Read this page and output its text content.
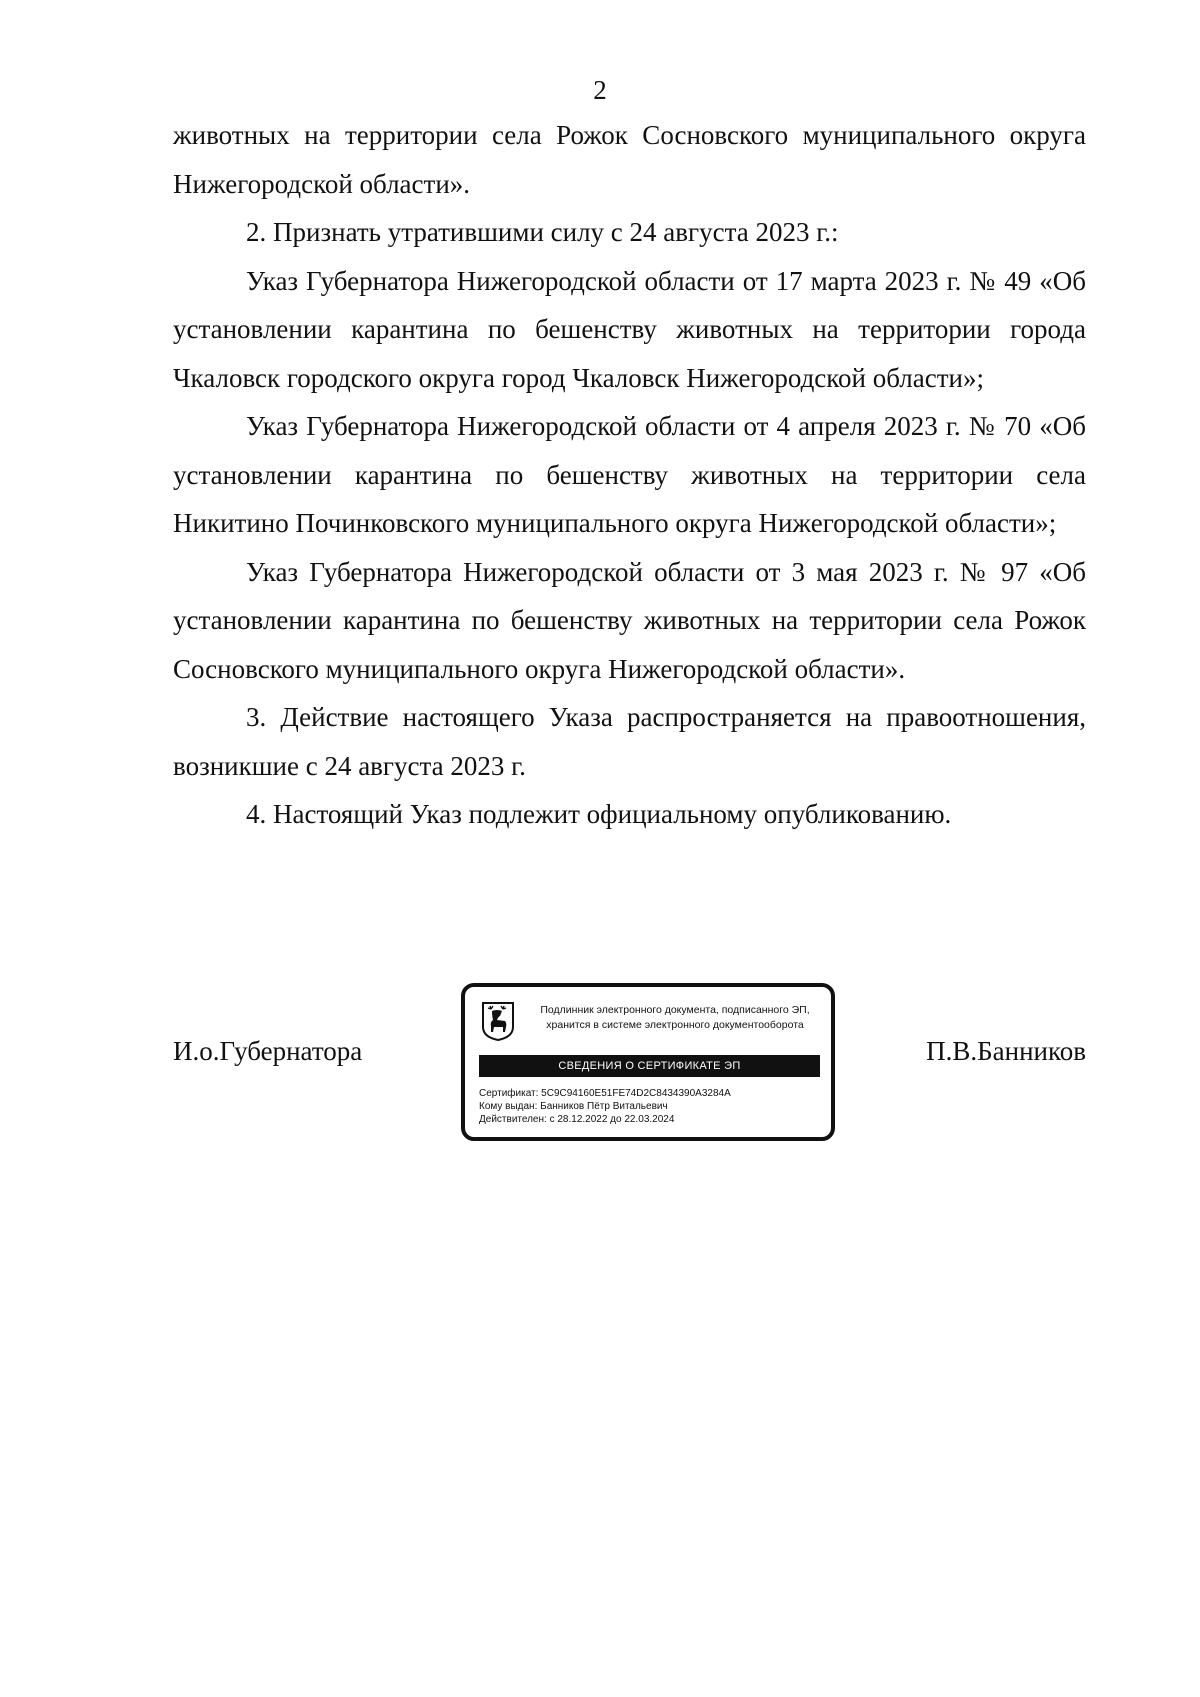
2

животных на территории села Рожок Сосновского муниципального округа Нижегородской области».

2. Признать утратившими силу с 24 августа 2023 г.:

Указ Губернатора Нижегородской области от 17 марта 2023 г. № 49 «Об установлении карантина по бешенству животных на территории города Чкаловск городского округа город Чкаловск Нижегородской области»;

Указ Губернатора Нижегородской области от 4 апреля 2023 г. № 70 «Об установлении карантина по бешенству животных на территории села Никитино Починковского муниципального округа Нижегородской области»;

Указ Губернатора Нижегородской области от 3 мая 2023 г. № 97 «Об установлении карантина по бешенству животных на территории села Рожок Сосновского муниципального округа Нижегородской области».

3. Действие настоящего Указа распространяется на правоотношения, возникшие с 24 августа 2023 г.

4. Настоящий Указ подлежит официальному опубликованию.

И.о.Губернатора
Подлинник электронного документа, подписанного ЭП,
хранится в системе электронного документооборота
СВЕДЕНИЯ О СЕРТИФИКАТЕ ЭП
Сертификат: 5C9C94160E51FE74D2C8434390A3284A
Кому выдан: Банников Пётр Витальевич
Действителен: с 28.12.2022 до 22.03.2024
П.В.Банников
